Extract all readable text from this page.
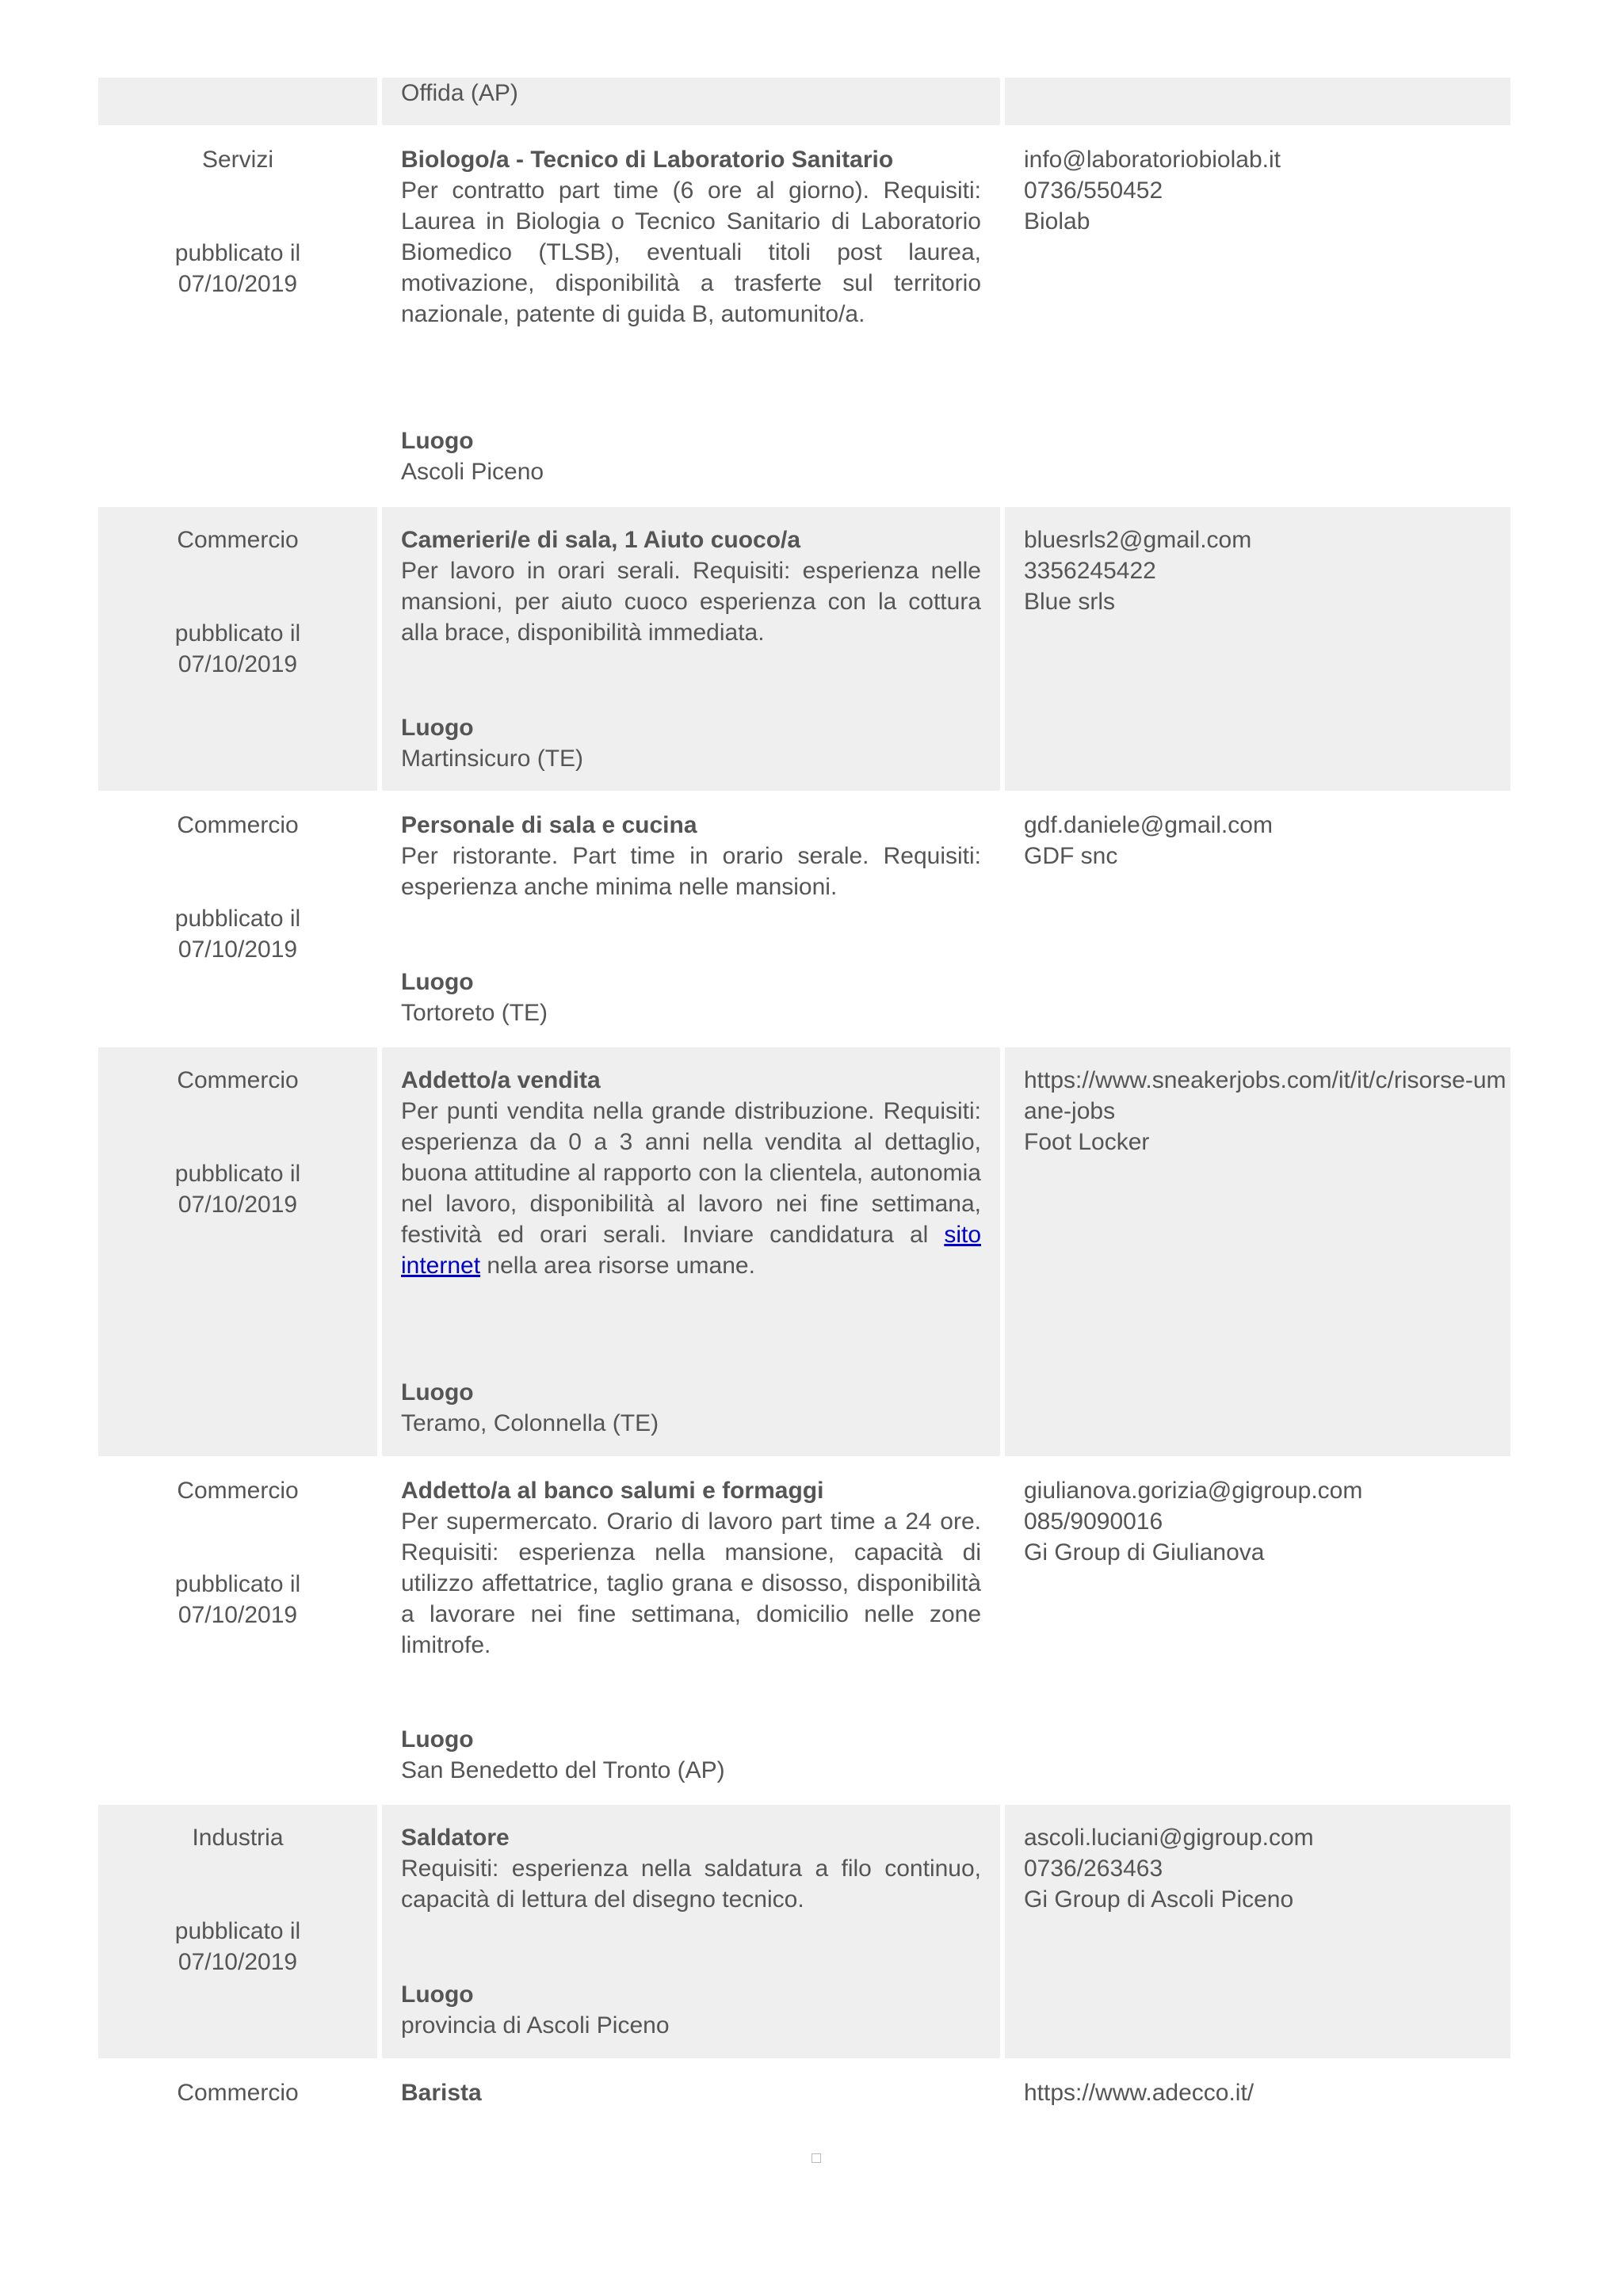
Offida (AP)
Servizi
pubblicato il
07/10/2019
Biologo/a - Tecnico di Laboratorio Sanitario
Per contratto part time (6 ore al giorno). Requisiti: Laurea in Biologia o Tecnico Sanitario di Laboratorio Biomedico (TLSB), eventuali titoli post laurea, motivazione, disponibilità a trasferte sul territorio nazionale, patente di guida B, automunito/a.
Luogo
Ascoli Piceno
info@laboratoriobiolab.it
0736/550452
Biolab
Commercio
pubblicato il
07/10/2019
Camerieri/e di sala, 1 Aiuto cuoco/a
Per lavoro in orari serali. Requisiti: esperienza nelle mansioni, per aiuto cuoco esperienza con la cottura alla brace, disponibilità immediata.
Luogo
Martinsicuro (TE)
bluesrls2@gmail.com
3356245422
Blue srls
Commercio
pubblicato il
07/10/2019
Personale di sala e cucina
Per ristorante. Part time in orario serale. Requisiti: esperienza anche minima nelle mansioni.
Luogo
Tortoreto (TE)
gdf.daniele@gmail.com
GDF snc
Commercio
pubblicato il
07/10/2019
Addetto/a vendita
Per punti vendita nella grande distribuzione. Requisiti: esperienza da 0 a 3 anni nella vendita al dettaglio, buona attitudine al rapporto con la clientela, autonomia nel lavoro, disponibilità al lavoro nei fine settimana, festività ed orari serali. Inviare candidatura al sito internet nella area risorse umane.
Luogo
Teramo, Colonnella (TE)
https://www.sneakerjobs.com/it/it/c/risorse-umane-jobs
Foot Locker
Commercio
pubblicato il
07/10/2019
Addetto/a al banco salumi e formaggi
Per supermercato. Orario di lavoro part time a 24 ore. Requisiti: esperienza nella mansione, capacità di utilizzo affettatrice, taglio grana e disosso, disponibilità a lavorare nei fine settimana, domicilio nelle zone limitrofe.
Luogo
San Benedetto del Tronto (AP)
giulianova.gorizia@gigroup.com
085/9090016
Gi Group di Giulianova
Industria
pubblicato il
07/10/2019
Saldatore
Requisiti: esperienza nella saldatura a filo continuo, capacità di lettura del disegno tecnico.
Luogo
provincia di Ascoli Piceno
ascoli.luciani@gigroup.com
0736/263463
Gi Group di Ascoli Piceno
Commercio	Barista	https://www.adecco.it/
